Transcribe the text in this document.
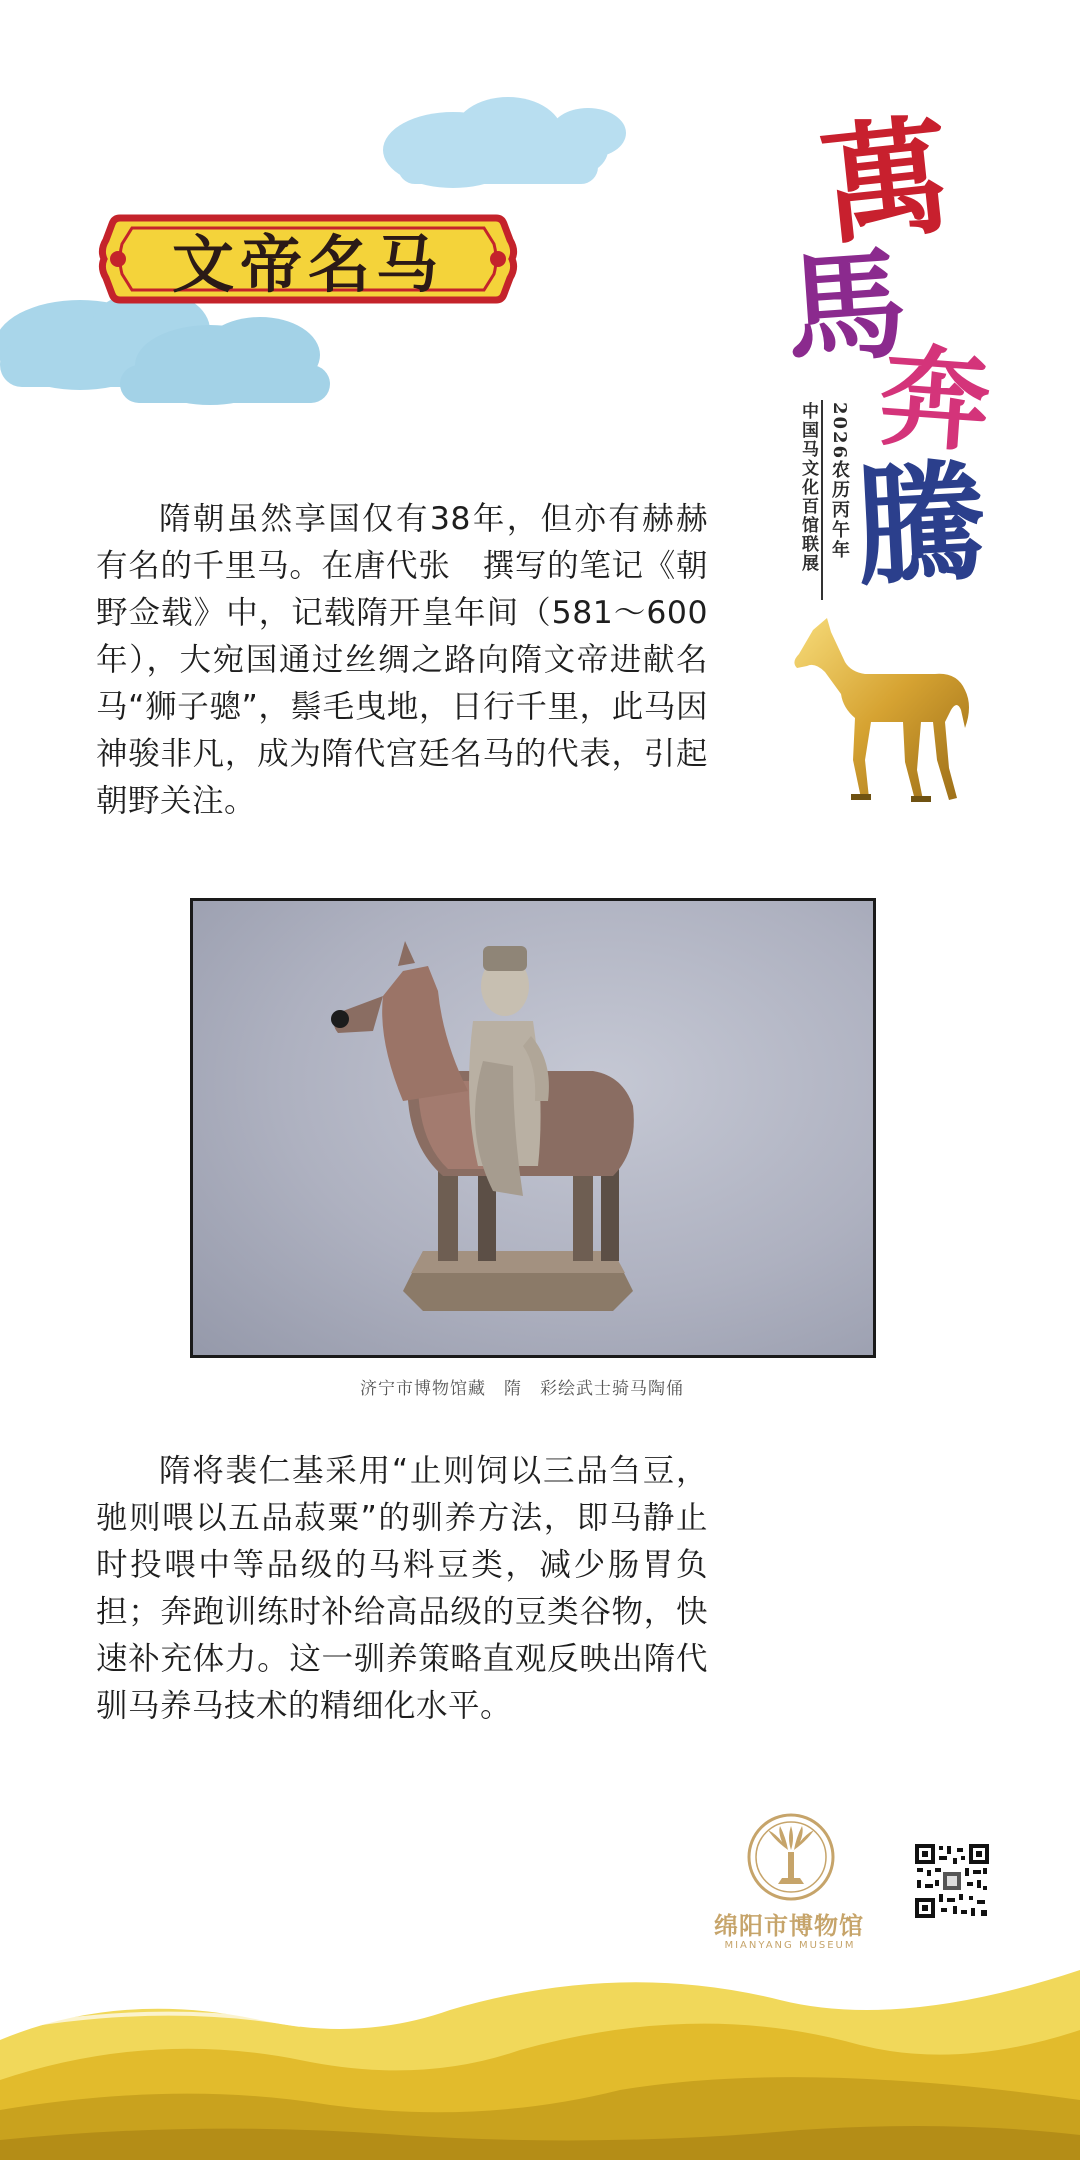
文帝名马
萬
馬
奔
騰
2026农历丙午年
中国马文化百馆联展
隋朝虽然享国仅有38年，但亦有赫赫有名的千里马。在唐代张　撰写的笔记《朝野佥载》中，记载隋开皇年间（581～600年），大宛国通过丝绸之路向隋文帝进献名马“狮子骢”，鬃毛曳地，日行千里，此马因神骏非凡，成为隋代宫廷名马的代表，引起朝野关注。
济宁市博物馆藏　隋　彩绘武士骑马陶俑
隋将裴仁基采用“止则饲以三品刍豆，驰则喂以五品菽粟”的驯养方法，即马静止时投喂中等品级的马料豆类，减少肠胃负担；奔跑训练时补给高品级的豆类谷物，快速补充体力。这一驯养策略直观反映出隋代驯马养马技术的精细化水平。
绵阳市博物馆
MIANYANG MUSEUM
